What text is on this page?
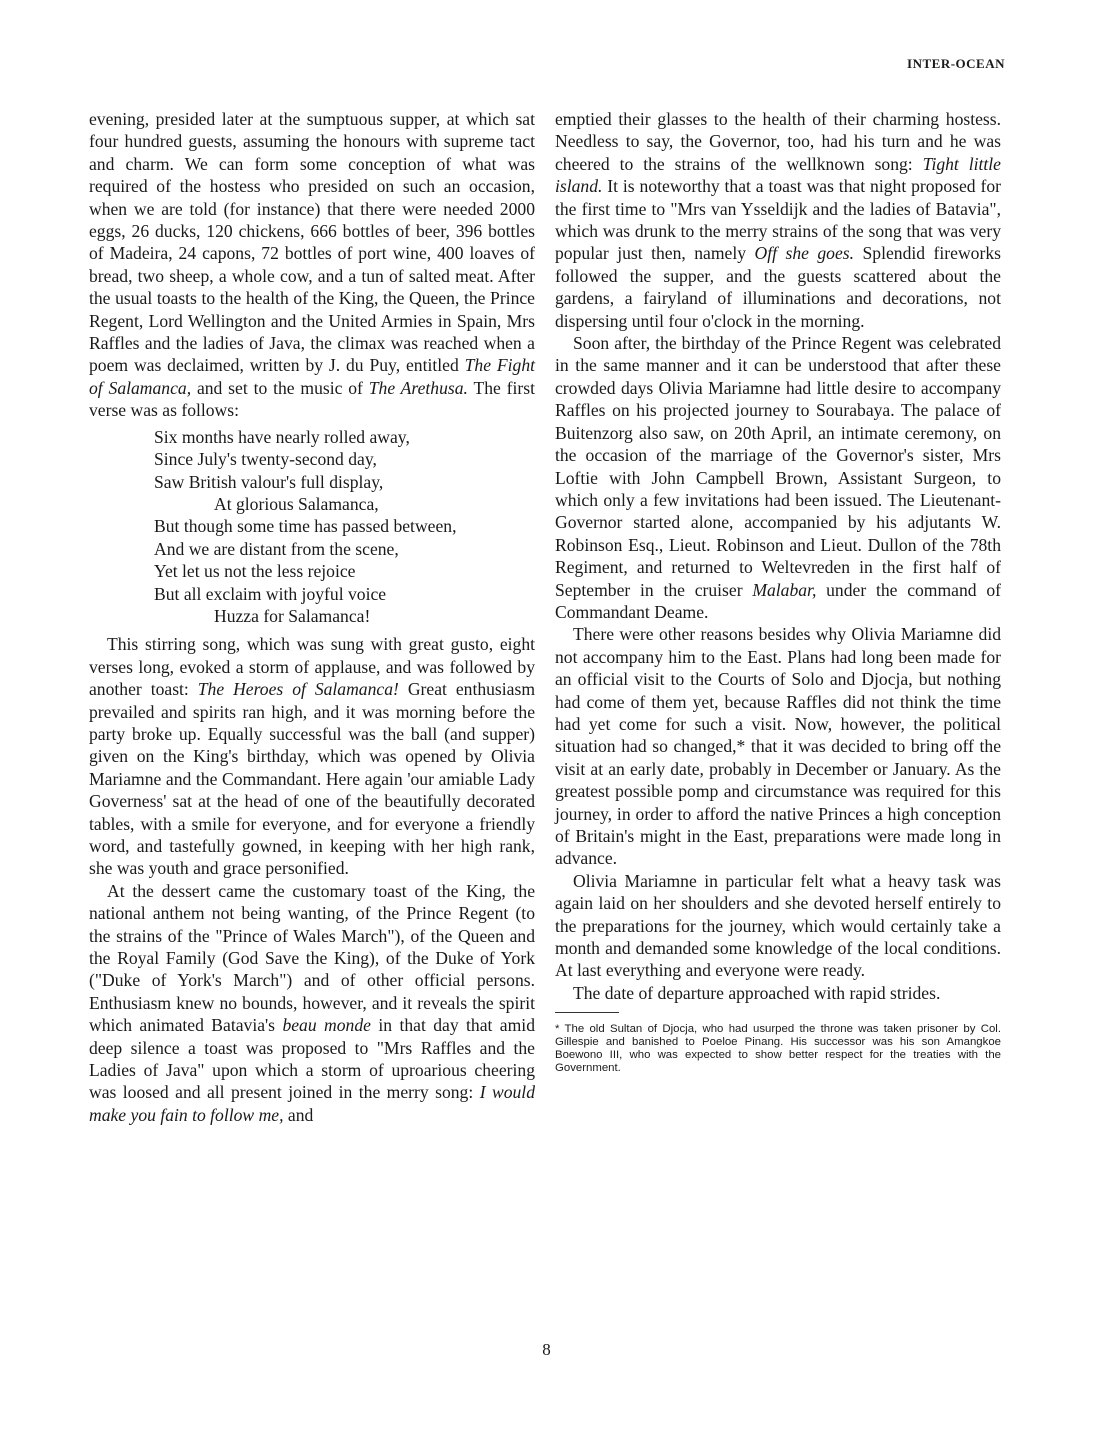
INTER-OCEAN

evening, presided later at the sumptuous supper, at which sat four hundred guests, assuming the honours with supreme tact and charm. We can form some conception of what was required of the hostess who presided on such an occasion, when we are told (for instance) that there were needed 2000 eggs, 26 ducks, 120 chickens, 666 bottles of beer, 396 bottles of Madeira, 24 capons, 72 bottles of port wine, 400 loaves of bread, two sheep, a whole cow, and a tun of salted meat. After the usual toasts to the health of the King, the Queen, the Prince Regent, Lord Wellington and the United Armies in Spain, Mrs Raffles and the ladies of Java, the climax was reached when a poem was declaimed, written by J. du Puy, entitled The Fight of Salamanca, and set to the music of The Arethusa. The first verse was as follows:

Six months have nearly rolled away,
Since July's twenty-second day,
Saw British valour's full display,
At glorious Salamanca,
But though some time has passed between,
And we are distant from the scene,
Yet let us not the less rejoice
But all exclaim with joyful voice
Huzza for Salamanca!

This stirring song, which was sung with great gusto, eight verses long, evoked a storm of applause, and was followed by another toast: The Heroes of Salamanca! Great enthusiasm prevailed and spirits ran high, and it was morning before the party broke up. Equally successful was the ball (and supper) given on the King's birthday, which was opened by Olivia Mariamne and the Commandant. Here again 'our amiable Lady Governess' sat at the head of one of the beautifully decorated tables, with a smile for everyone, and for everyone a friendly word, and tastefully gowned, in keeping with her high rank, she was youth and grace personified.

At the dessert came the customary toast of the King, the national anthem not being wanting, of the Prince Regent (to the strains of the "Prince of Wales March"), of the Queen and the Royal Family (God Save the King), of the Duke of York ("Duke of York's March") and of other official persons. Enthusiasm knew no bounds, however, and it reveals the spirit which animated Batavia's beau monde in that day that amid deep silence a toast was proposed to "Mrs Raffles and the Ladies of Java" upon which a storm of uproarious cheering was loosed and all present joined in the merry song: I would make you fain to follow me, and

emptied their glasses to the health of their charming hostess. Needless to say, the Governor, too, had his turn and he was cheered to the strains of the wellknown song: Tight little island. It is noteworthy that a toast was that night proposed for the first time to "Mrs van Ysseldijk and the ladies of Batavia", which was drunk to the merry strains of the song that was very popular just then, namely Off she goes. Splendid fireworks followed the supper, and the guests scattered about the gardens, a fairyland of illuminations and decorations, not dispersing until four o'clock in the morning.

Soon after, the birthday of the Prince Regent was celebrated in the same manner and it can be understood that after these crowded days Olivia Mariamne had little desire to accompany Raffles on his projected journey to Sourabaya. The palace of Buitenzorg also saw, on 20th April, an intimate ceremony, on the occasion of the marriage of the Governor's sister, Mrs Loftie with John Campbell Brown, Assistant Surgeon, to which only a few invitations had been issued. The Lieutenant-Governor started alone, accompanied by his adjutants W. Robinson Esq., Lieut. Robinson and Lieut. Dullon of the 78th Regiment, and returned to Weltevreden in the first half of September in the cruiser Malabar, under the command of Commandant Deame.

There were other reasons besides why Olivia Mariamne did not accompany him to the East. Plans had long been made for an official visit to the Courts of Solo and Djocja, but nothing had come of them yet, because Raffles did not think the time had yet come for such a visit. Now, however, the political situation had so changed,* that it was decided to bring off the visit at an early date, probably in December or January. As the greatest possible pomp and circumstance was required for this journey, in order to afford the native Princes a high conception of Britain's might in the East, preparations were made long in advance.

Olivia Mariamne in particular felt what a heavy task was again laid on her shoulders and she devoted herself entirely to the preparations for the journey, which would certainly take a month and demanded some knowledge of the local conditions. At last everything and everyone were ready.

The date of departure approached with rapid strides.

* The old Sultan of Djocja, who had usurped the throne was taken prisoner by Col. Gillespie and banished to Poeloe Pinang. His successor was his son Amangkoe Boewono III, who was expected to show better respect for the treaties with the Government.

8
